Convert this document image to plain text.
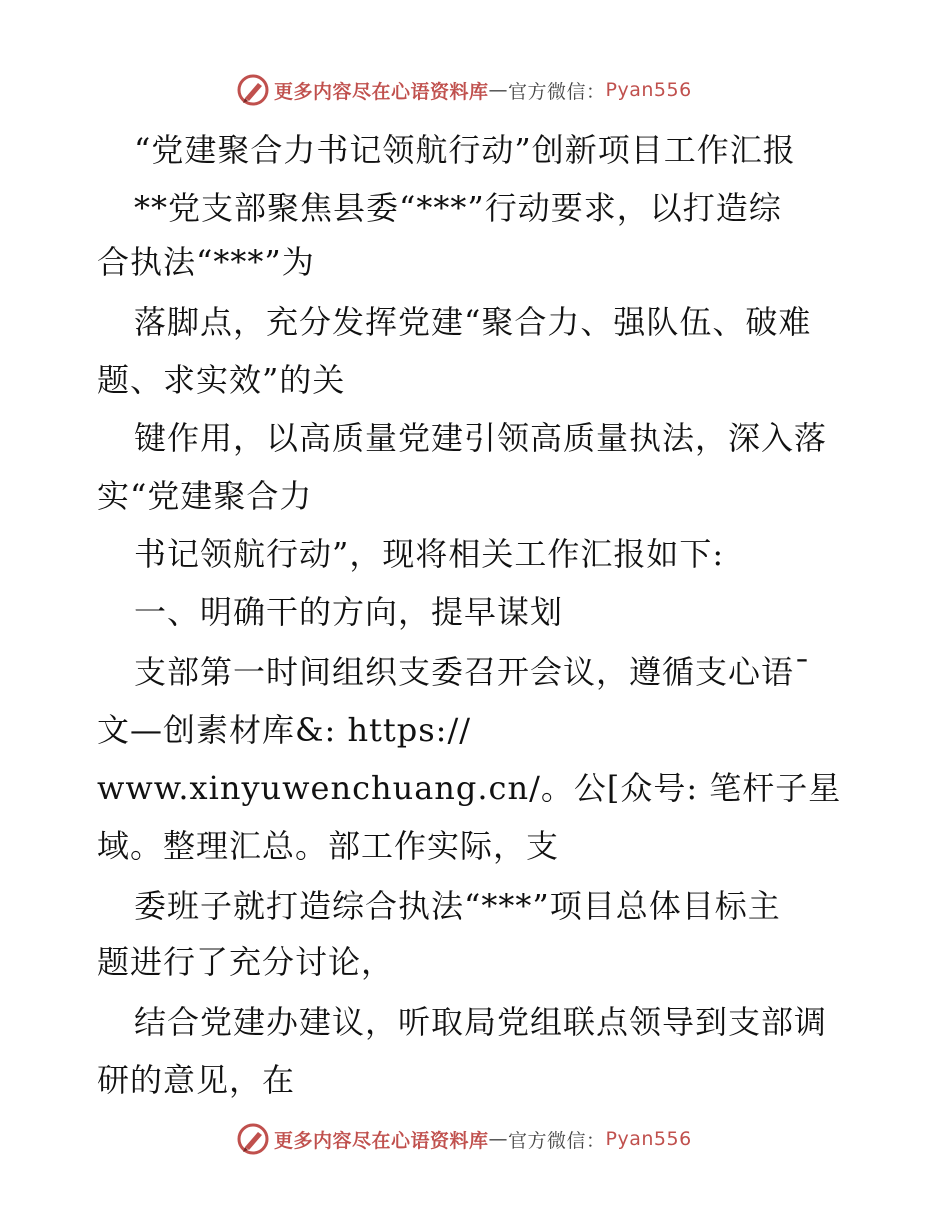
更多内容尽在心语资料库 — 官方微信： Pyan556
“党建聚合力书记领航行动”创新项目工作汇报
**党支部聚焦县委“***”行动要求，以打造综
合执法“***”为
落脚点，充分发挥党建“聚合力、强队伍、破难
题、求实效”的关
键作用，以高质量党建引领高质量执法，深入落
实“党建聚合力
书记领航行动”，现将相关工作汇报如下:
一、明确干的方向，提早谋划
支部第一时间组织支委召开会议，遵循支心语¯
文—创素材库&: https://
www.xinyuwenchuang.cn/。公[众号: 笔杆子星
域。整理汇总。部工作实际，支
委班子就打造综合执法“***”项目总体目标主
题进行了充分讨论，
结合党建办建议，听取局党组联点领导到支部调
研的意见，在
更多内容尽在心语资料库 — 官方微信： Pyan556
